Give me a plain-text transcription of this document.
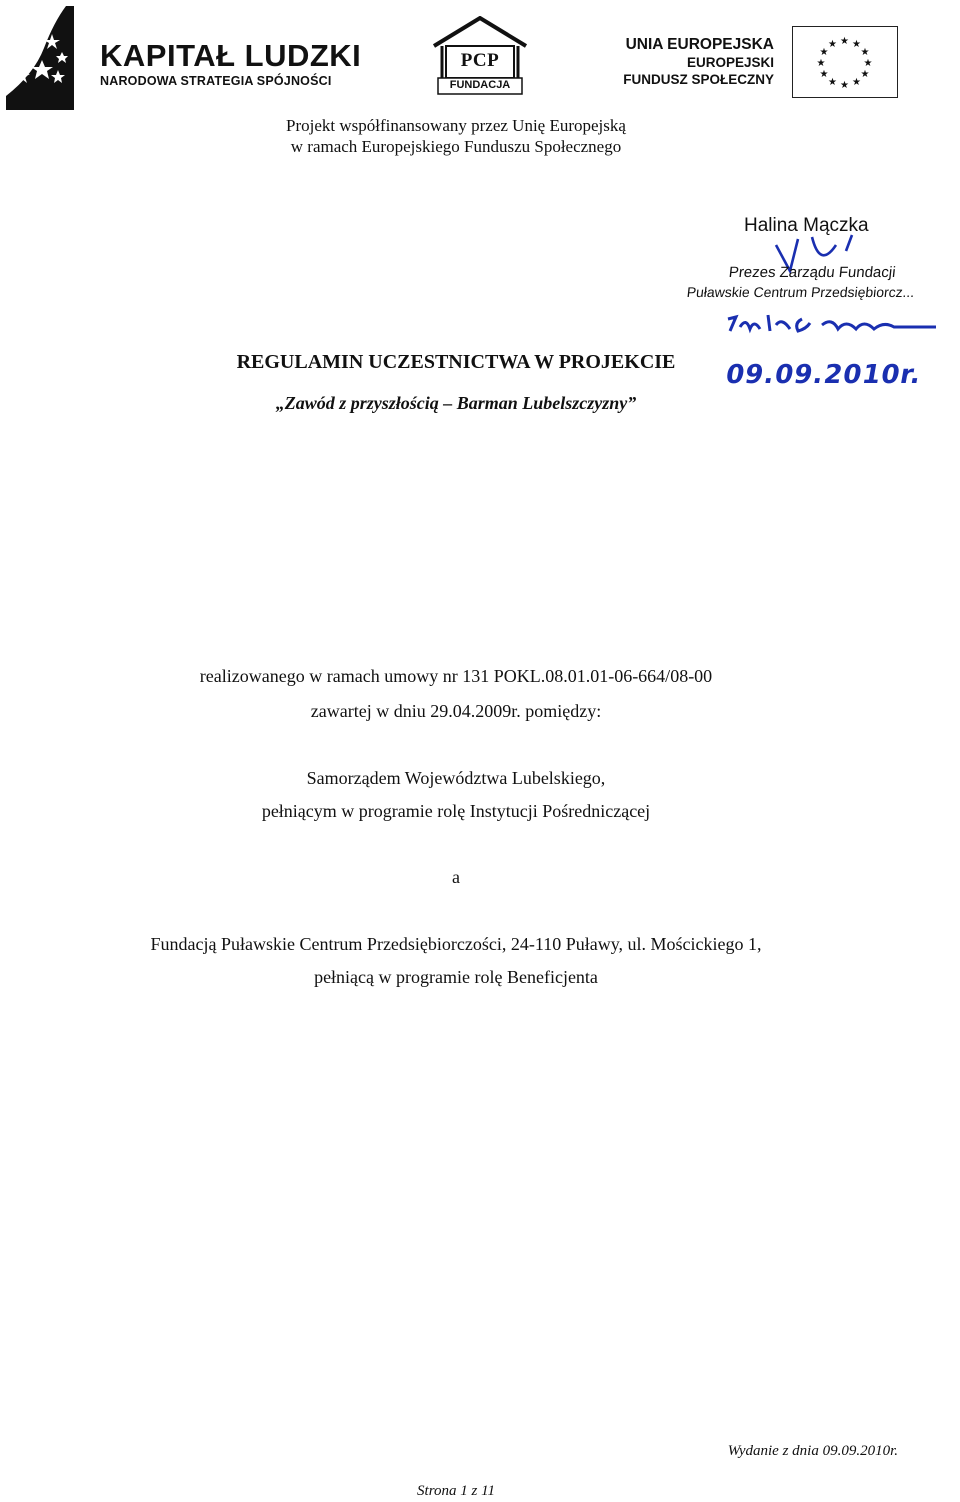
KAPITAŁ LUDZKI
NARODOWA STRATEGIA SPÓJNOŚCI
PCP
FUNDACJA
UNIA EUROPEJSKA
EUROPEJSKI
FUNDUSZ SPOŁECZNY
★ ★
★
★
★
★
★
★
★
★
★
★
Projekt współfinansowany przez Unię Europejską
w ramach Europejskiego Funduszu Społecznego
Halina Mączka
Prezes Zarządu Fundacji
Puławskie Centrum Przedsiębiorcz...
09.09.2010r.
REGULAMIN UCZESTNICTWA W PROJEKCIE
„Zawód z przyszłością – Barman Lubelszczyzny”
realizowanego w ramach umowy nr 131 POKL.08.01.01-06-664/08-00
zawartej w dniu 29.04.2009r. pomiędzy:
Samorządem Województwa Lubelskiego,
pełniącym w programie rolę Instytucji Pośredniczącej
a
Fundacją Puławskie Centrum Przedsiębiorczości, 24-110 Puławy, ul. Mościckiego 1,
pełniącą w programie rolę Beneficjenta
Wydanie z dnia 09.09.2010r.
Strona 1 z 11
